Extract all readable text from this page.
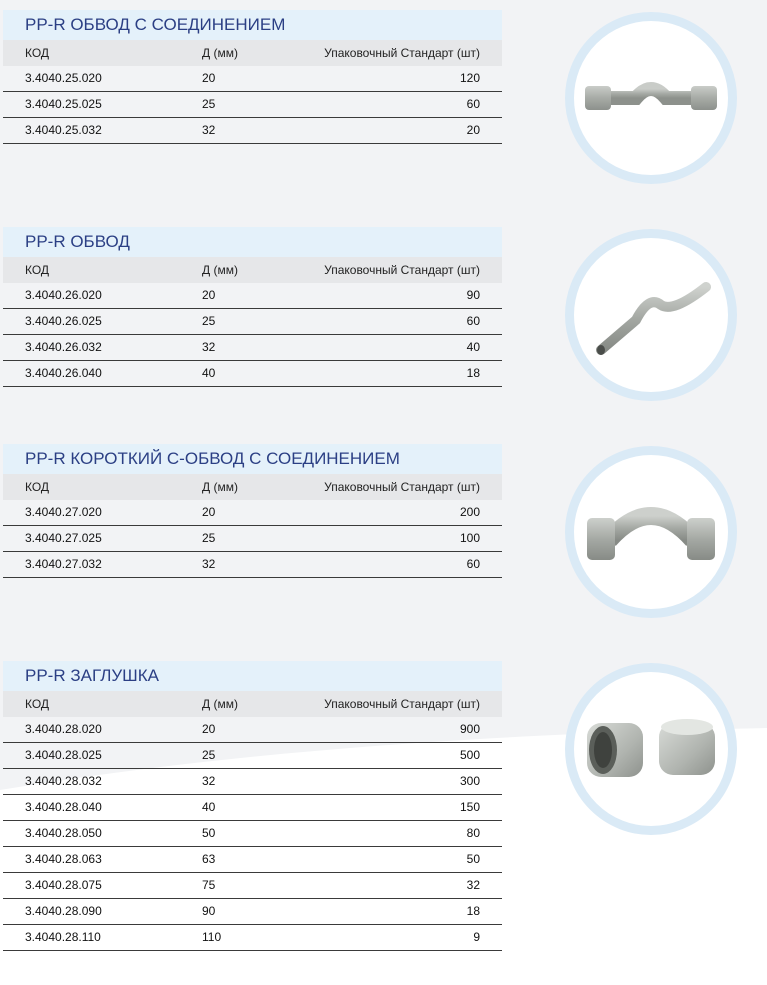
PP-R ОБВОД С СОЕДИНЕНИЕМ
КОД	Д (мм)	Упаковочный Стандарт (шт)
3.4040.25.020	20	120
3.4040.25.025	25	60
3.4040.25.032	32	20
PP-R ОБВОД
КОД	Д (мм)	Упаковочный Стандарт (шт)
3.4040.26.020	20	90
3.4040.26.025	25	60
3.4040.26.032	32	40
3.4040.26.040	40	18
PP-R КОРОТКИЙ С-ОБВОД С СОЕДИНЕНИЕМ
КОД	Д (мм)	Упаковочный Стандарт (шт)
3.4040.27.020	20	200
3.4040.27.025	25	100
3.4040.27.032	32	60
PP-R ЗАГЛУШКА
КОД	Д (мм)	Упаковочный Стандарт (шт)
3.4040.28.020	20	900
3.4040.28.025	25	500
3.4040.28.032	32	300
3.4040.28.040	40	150
3.4040.28.050	50	80
3.4040.28.063	63	50
3.4040.28.075	75	32
3.4040.28.090	90	18
3.4040.28.110	110	9
